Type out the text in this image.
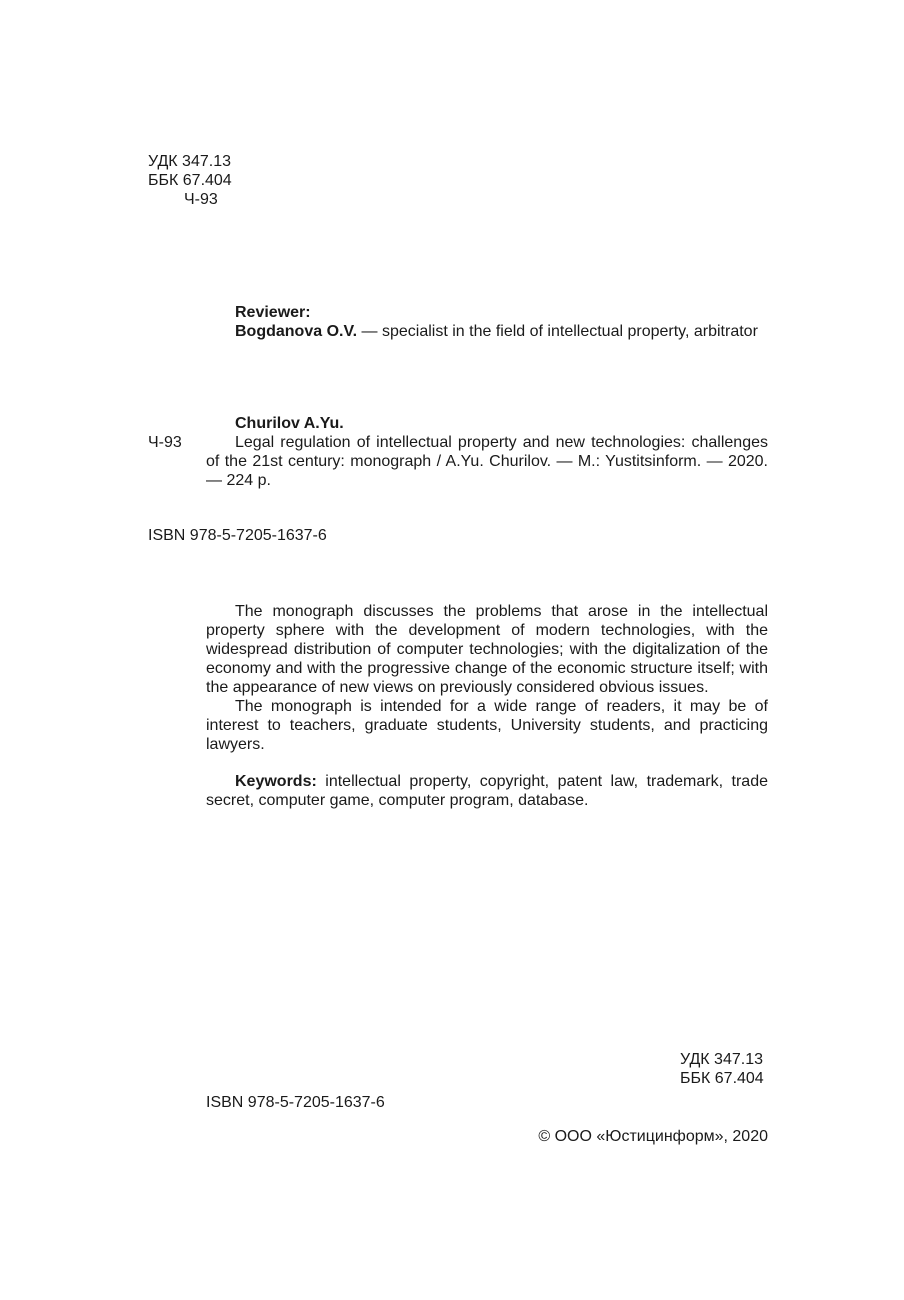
УДК 347.13
ББК 67.404
Ч-93
Reviewer:
Bogdanova O.V. — specialist in the field of intellectual property, arbitrator
Churilov A.Yu.
Ч-93	Legal regulation of intellectual property and new technologies: challenges of the 21st century: monograph / A.Yu. Churilov. — M.: Yustitsinform. — 2020. — 224 p.
ISBN 978-5-7205-1637-6

The monograph discusses the problems that arose in the intellectual property sphere with the development of modern technologies, with the widespread distribution of computer technologies; with the digitalization of the economy and with the progressive change of the economic structure itself; with the appearance of new views on previously considered obvious issues.

The monograph is intended for a wide range of readers, it may be of interest to teachers, graduate students, University students, and practicing lawyers.

Keywords: intellectual property, copyright, patent law, trademark, trade secret, computer game, computer program, database.

УДК 347.13
ББК 67.404
ISBN 978-5-7205-1637-6
© ООО «Юстицинформ», 2020
